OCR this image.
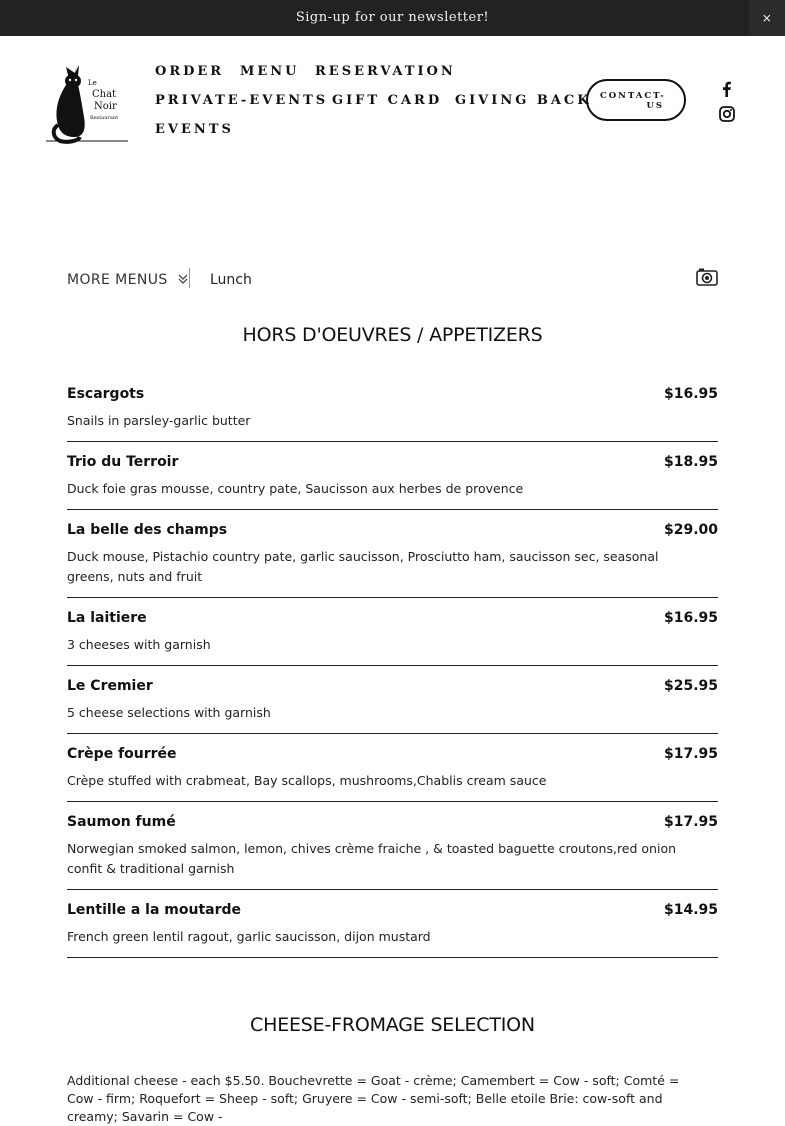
Sign-up for our newsletter!	×
Le
Chat
Noir
Restaurant
ORDER MENU RESERVATION
PRIVATE-EVENTS GIFT CARD GIVING BACK
EVENTS
CONTACT-
US
MORE MENUS	Lunch
HORS D'OEUVRES / APPETIZERS
Escargots	$16.95
Snails in parsley-garlic butter
Trio du Terroir	$18.95
Duck foie gras mousse, country pate, Saucisson aux herbes de provence
La belle des champs	$29.00
Duck mouse, Pistachio country pate, garlic saucisson, Prosciutto ham, saucisson sec, seasonal greens, nuts and fruit
La laitiere	$16.95
3 cheeses with garnish
Le Cremier	$25.95
5 cheese selections with garnish
Crèpe fourrée	$17.95
Crèpe stuffed with crabmeat, Bay scallops, mushrooms,Chablis cream sauce
Saumon fumé	$17.95
Norwegian smoked salmon, lemon, chives crème fraiche , & toasted baguette croutons,red onion confit & traditional garnish
Lentille a la moutarde	$14.95
French green lentil ragout, garlic saucisson, dijon mustard
CHEESE-FROMAGE SELECTION
Additional cheese - each $5.50. Bouchevrette = Goat - crème; Camembert = Cow - soft; Comté = Cow - firm; Roquefort = Sheep - soft; Gruyere = Cow - semi-soft; Belle etoile Brie: cow-soft and creamy; Savarin = Cow -
